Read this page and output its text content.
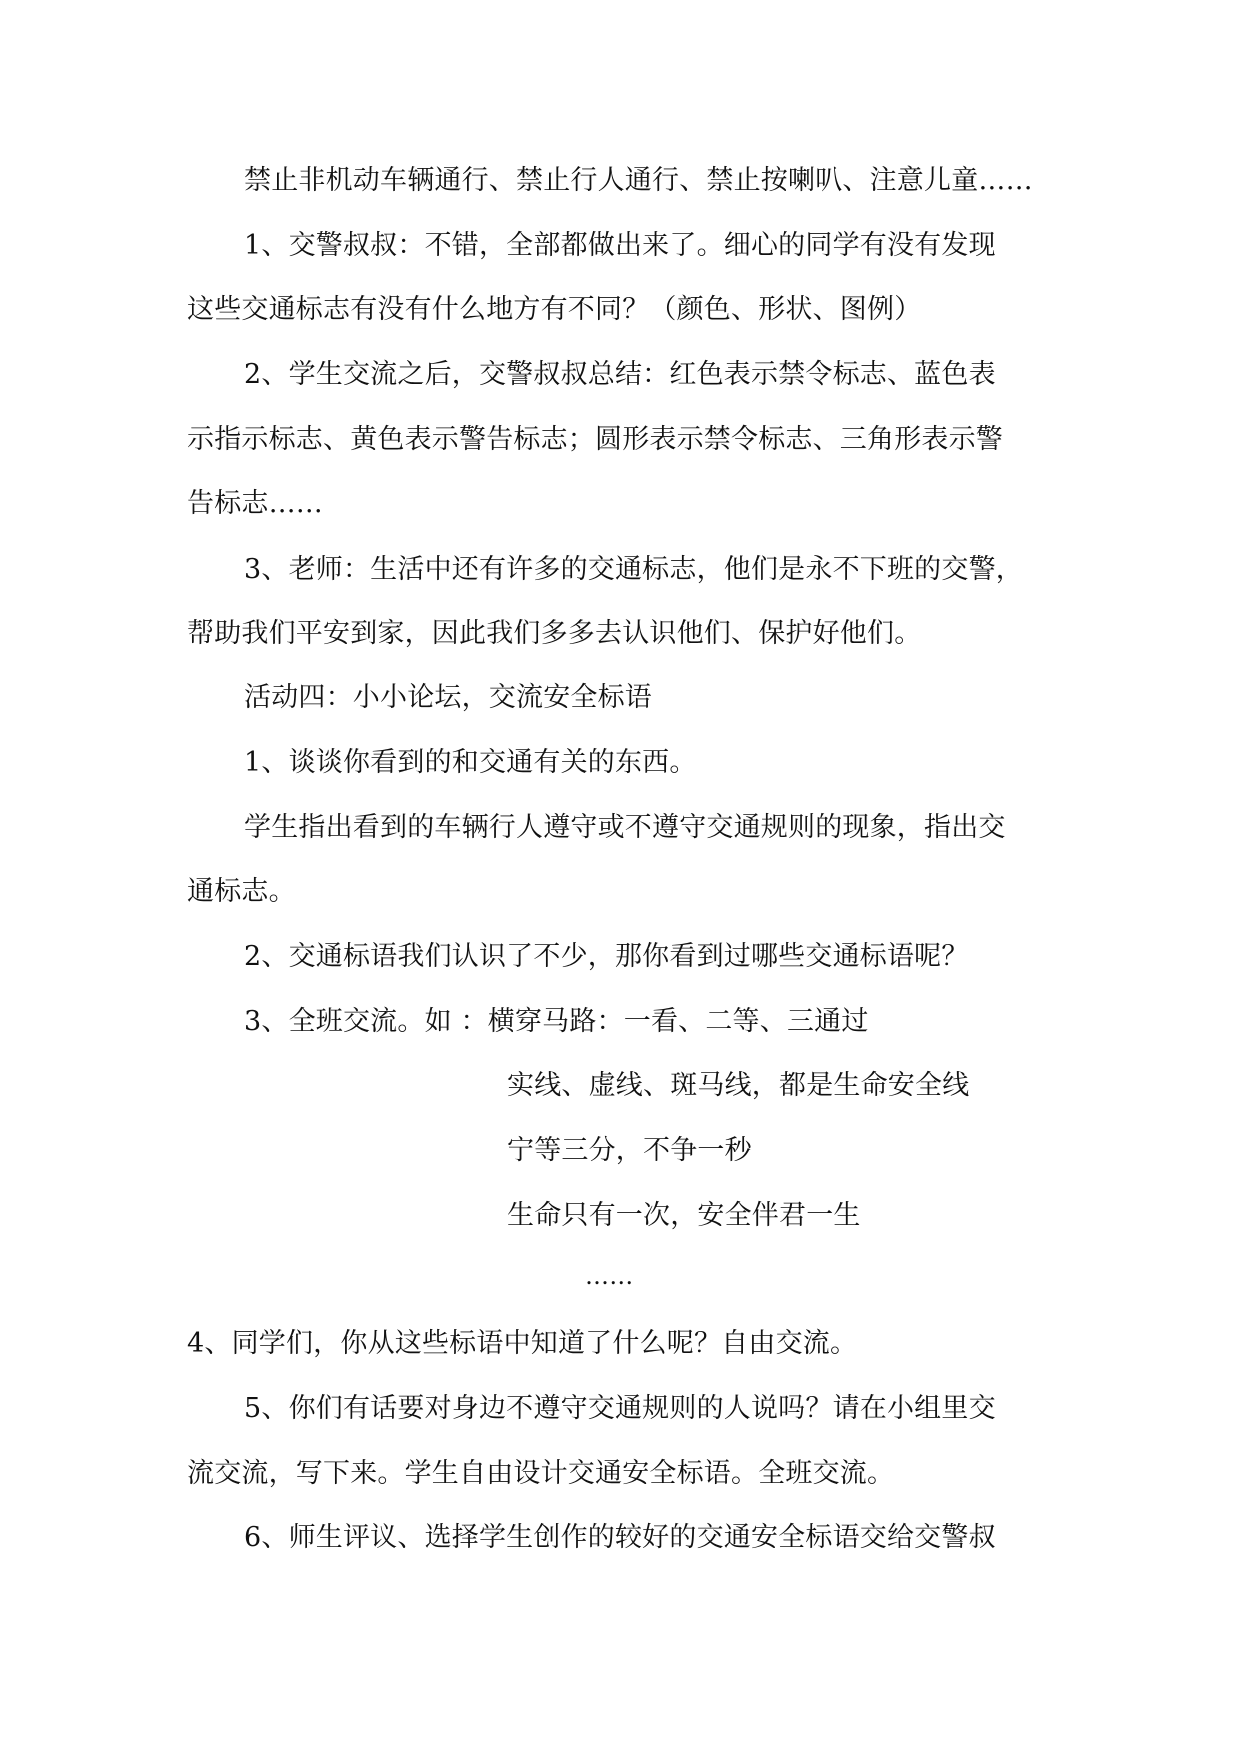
禁止非机动车辆通行、禁止行人通行、禁止按喇叭、注意儿童……
1、交警叔叔：不错，全部都做出来了。细心的同学有没有发现
这些交通标志有没有什么地方有不同？（颜色、形状、图例）
2、学生交流之后，交警叔叔总结：红色表示禁令标志、蓝色表
示指示标志、黄色表示警告标志；圆形表示禁令标志、三角形表示警
告标志……
3、老师：生活中还有许多的交通标志，他们是永不下班的交警，
帮助我们平安到家，因此我们多多去认识他们、保护好他们。
活动四：小小论坛，交流安全标语
1、谈谈你看到的和交通有关的东西。
学生指出看到的车辆行人遵守或不遵守交通规则的现象，指出交
通标志。
2、交通标语我们认识了不少，那你看到过哪些交通标语呢？
3、全班交流。如 ：横穿马路：一看、二等、三通过
实线、虚线、斑马线，都是生命安全线
宁等三分，不争一秒
生命只有一次，安全伴君一生
……
4、同学们，你从这些标语中知道了什么呢？自由交流。
5、你们有话要对身边不遵守交通规则的人说吗？请在小组里交
流交流，写下来。学生自由设计交通安全标语。全班交流。
6、师生评议、选择学生创作的较好的交通安全标语交给交警叔
